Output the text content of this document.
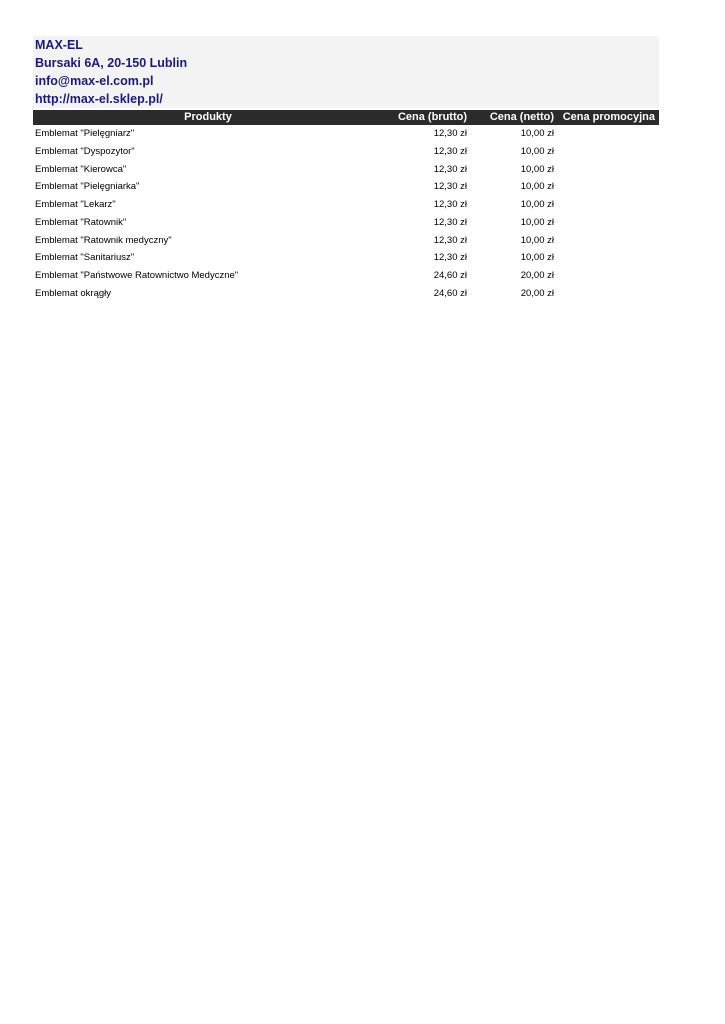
MAX-EL
Bursaki 6A, 20-150 Lublin
info@max-el.com.pl
http://max-el.sklep.pl/
Produkty	Cena (brutto)	Cena (netto)	Cena promocyjna
Emblemat "Pielęgniarz"	12,30 zł	10,00 zł	
Emblemat "Dyspozytor"	12,30 zł	10,00 zł	
Emblemat "Kierowca"	12,30 zł	10,00 zł	
Emblemat "Pielęgniarka"	12,30 zł	10,00 zł	
Emblemat "Lekarz"	12,30 zł	10,00 zł	
Emblemat "Ratownik"	12,30 zł	10,00 zł	
Emblemat "Ratownik medyczny"	12,30 zł	10,00 zł	
Emblemat "Sanitariusz"	12,30 zł	10,00 zł	
Emblemat "Państwowe Ratownictwo Medyczne"	24,60 zł	20,00 zł	
Emblemat okrągły	24,60 zł	20,00 zł	
